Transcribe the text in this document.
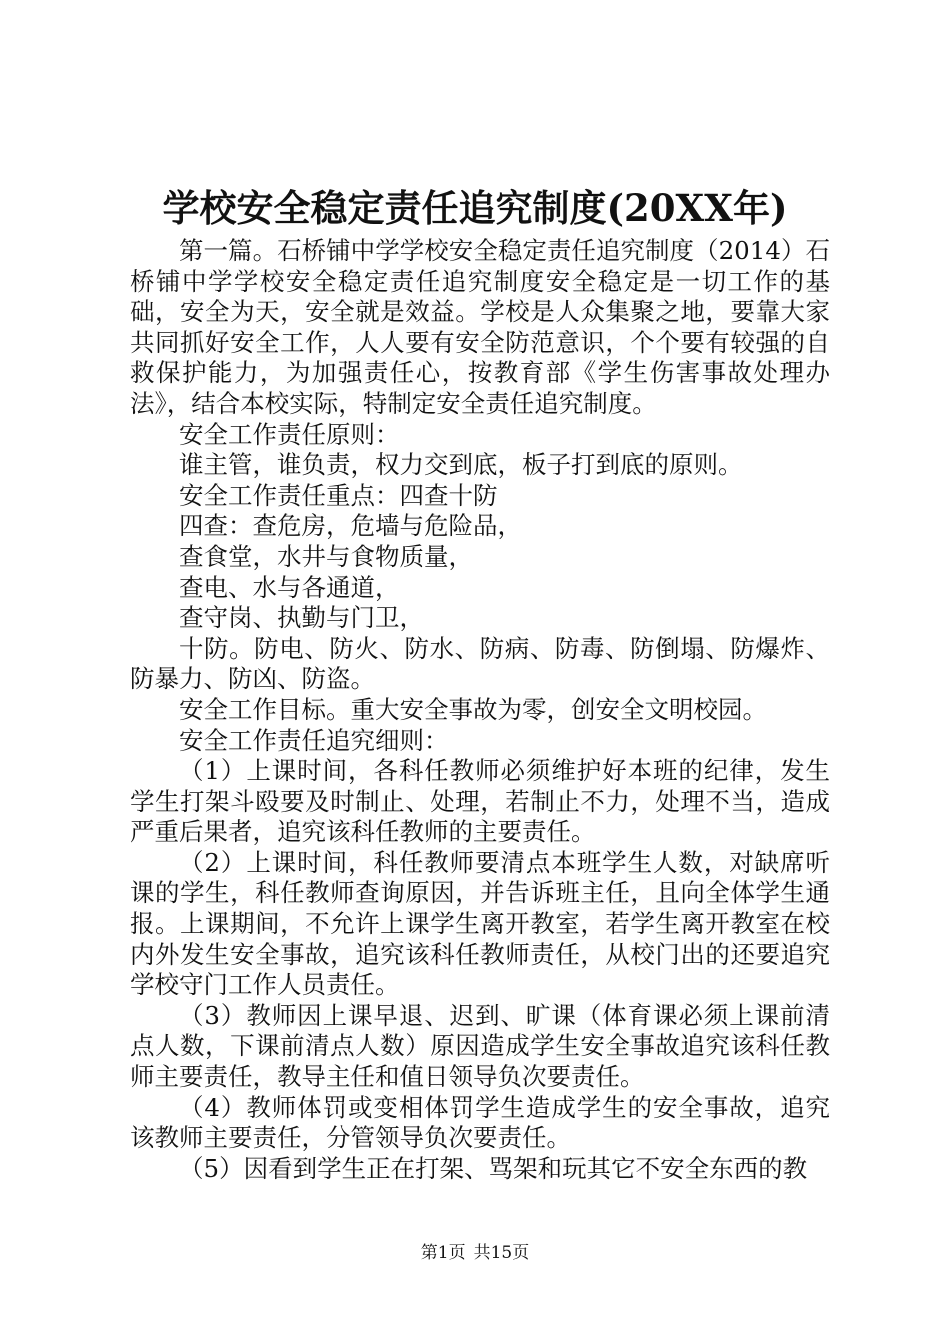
学校安全稳定责任追究制度(20XX年)

第一篇。石桥铺中学学校安全稳定责任追究制度（2014）石桥铺中学学校安全稳定责任追究制度安全稳定是一切工作的基础，安全为天，安全就是效益。学校是人众集聚之地，要靠大家共同抓好安全工作，人人要有安全防范意识，个个要有较强的自救保护能力，为加强责任心，按教育部《学生伤害事故处理办法》，结合本校实际，特制定安全责任追究制度。

安全工作责任原则：

谁主管，谁负责，权力交到底，板子打到底的原则。

安全工作责任重点：四查十防

四查：查危房，危墙与危险品，

查食堂，水井与食物质量，

查电、水与各通道，

查守岗、执勤与门卫，

十防。防电、防火、防水、防病、防毒、防倒塌、防爆炸、防暴力、防凶、防盗。

安全工作目标。重大安全事故为零，创安全文明校园。

安全工作责任追究细则：

（1）上课时间，各科任教师必须维护好本班的纪律，发生学生打架斗殴要及时制止、处理，若制止不力，处理不当，造成严重后果者，追究该科任教师的主要责任。

（2）上课时间，科任教师要清点本班学生人数，对缺席听课的学生，科任教师查询原因，并告诉班主任，且向全体学生通报。上课期间，不允许上课学生离开教室，若学生离开教室在校内外发生安全事故，追究该科任教师责任，从校门出的还要追究学校守门工作人员责任。

（3）教师因上课早退、迟到、旷课（体育课必须上课前清点人数，下课前清点人数）原因造成学生安全事故追究该科任教师主要责任，教导主任和值日领导负次要责任。

（4）教师体罚或变相体罚学生造成学生的安全事故，追究该教师主要责任，分管领导负次要责任。

（5）因看到学生正在打架、骂架和玩其它不安全东西的教

第1页 共15页
